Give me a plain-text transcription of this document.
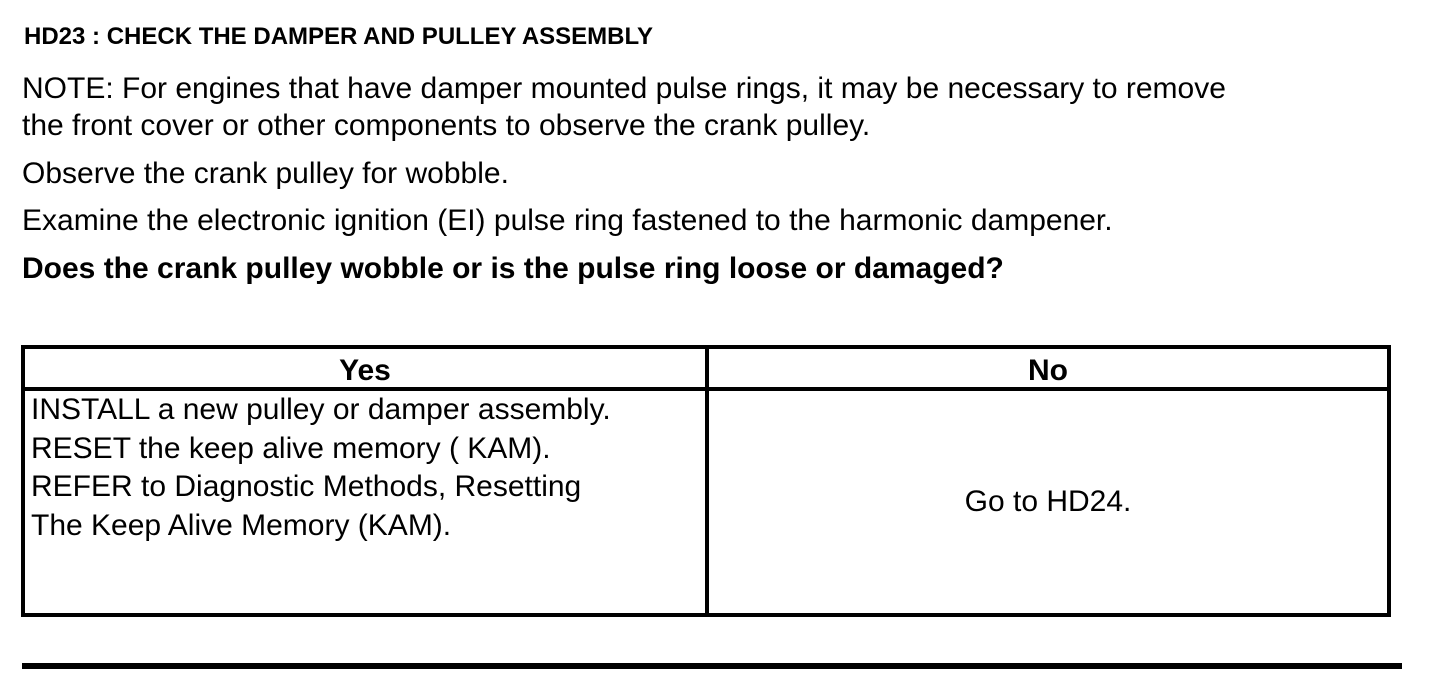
HD23 : CHECK THE DAMPER AND PULLEY ASSEMBLY
NOTE: For engines that have damper mounted pulse rings, it may be necessary to remove
the front cover or other components to observe the crank pulley.
Observe the crank pulley for wobble.
Examine the electronic ignition (EI) pulse ring fastened to the harmonic dampener.
Does the crank pulley wobble or is the pulse ring loose or damaged?
Yes	No
INSTALL a new pulley or damper assembly.
RESET the keep alive memory ( KAM).
REFER to Diagnostic Methods, Resetting
The Keep Alive Memory (KAM).
Go to HD24.
